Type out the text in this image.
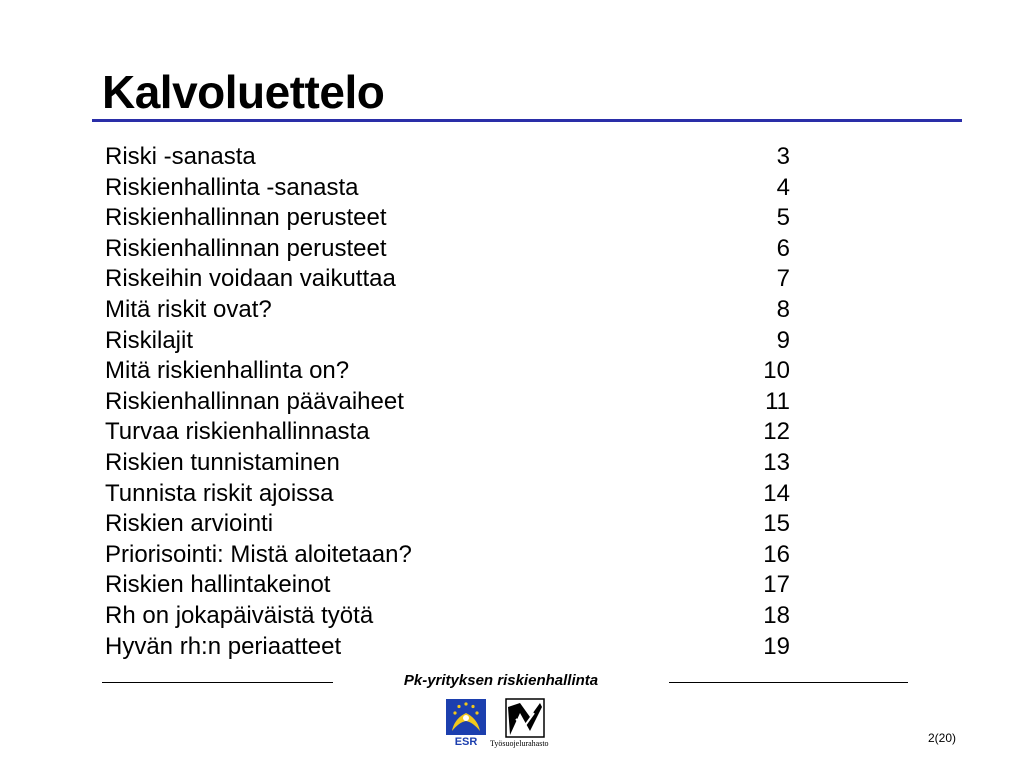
Kalvoluettelo
Riski -sanasta	3
Riskienhallinta -sanasta	4
Riskienhallinnan perusteet	5
Riskienhallinnan perusteet	6
Riskeihin voidaan vaikuttaa	7
Mitä riskit ovat?	8
Riskilajit	9
Mitä riskienhallinta on?	10
Riskienhallinnan päävaiheet	11
Turvaa riskienhallinnasta	12
Riskien tunnistaminen	13
Tunnista riskit ajoissa	14
Riskien arviointi	15
Priorisointi: Mistä aloitetaan?	16
Riskien hallintakeinot	17
Rh on jokapäiväistä työtä	18
Hyvän rh:n periaatteet	19
Pk-yrityksen riskienhallinta
ESR Työsuojelurahasto	2(20)
